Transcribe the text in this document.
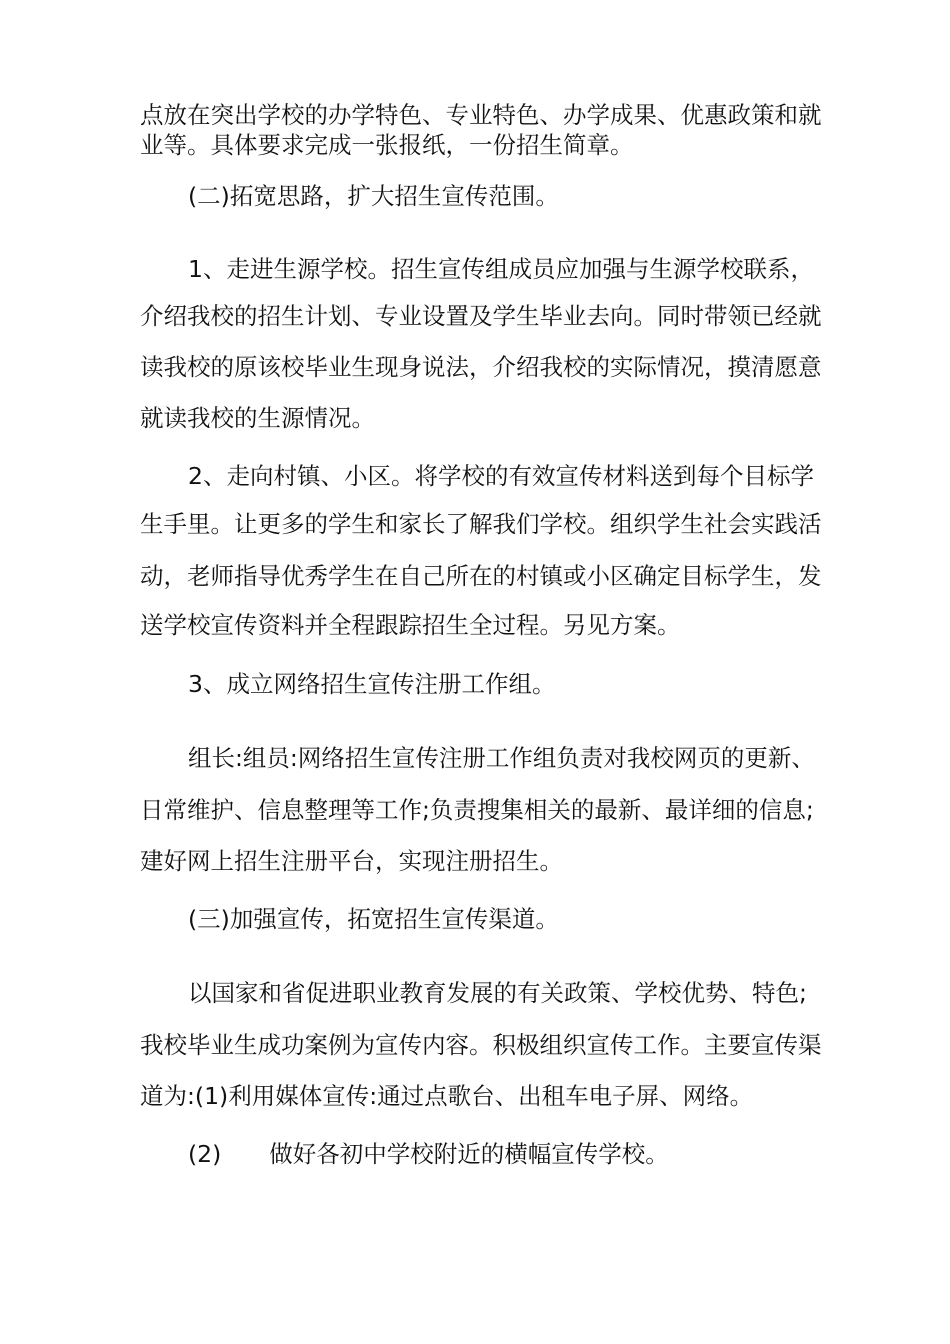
点放在突出学校的办学特色、专业特色、办学成果、优惠政策和就
业等。具体要求完成一张报纸，一份招生简章。
(二)拓宽思路，扩大招生宣传范围。
1、走进生源学校。招生宣传组成员应加强与生源学校联系，
介绍我校的招生计划、专业设置及学生毕业去向。同时带领已经就
读我校的原该校毕业生现身说法，介绍我校的实际情况，摸清愿意
就读我校的生源情况。
2、走向村镇、小区。将学校的有效宣传材料送到每个目标学
生手里。让更多的学生和家长了解我们学校。组织学生社会实践活
动，老师指导优秀学生在自己所在的村镇或小区确定目标学生，发
送学校宣传资料并全程跟踪招生全过程。另见方案。
3、成立网络招生宣传注册工作组。
组长:组员:网络招生宣传注册工作组负责对我校网页的更新、
日常维护、信息整理等工作;负责搜集相关的最新、最详细的信息;
建好网上招生注册平台，实现注册招生。
(三)加强宣传，拓宽招生宣传渠道。
以国家和省促进职业教育发展的有关政策、学校优势、特色;
我校毕业生成功案例为宣传内容。积极组织宣传工作。主要宣传渠
道为:(1)利用媒体宣传:通过点歌台、出租车电子屏、网络。
(2) 做好各初中学校附近的横幅宣传学校。
